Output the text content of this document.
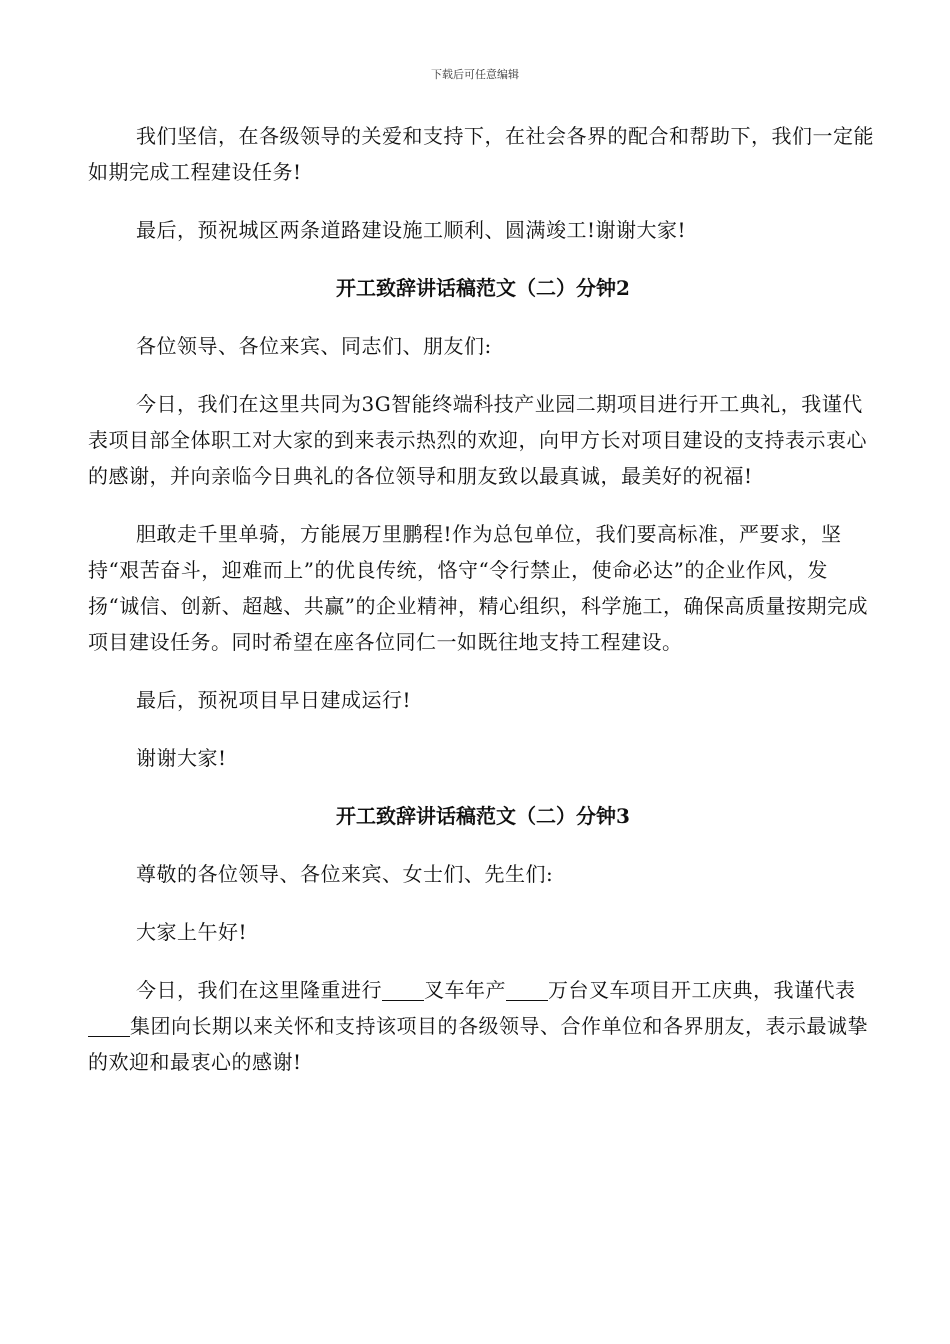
下载后可任意编辑

我们坚信，在各级领导的关爱和支持下，在社会各界的配合和帮助下，我们一定能如期完成工程建设任务!

最后，预祝城区两条道路建设施工顺利、圆满竣工!谢谢大家!

开工致辞讲话稿范文（二）分钟2

各位领导、各位来宾、同志们、朋友们:

今日，我们在这里共同为3G智能终端科技产业园二期项目进行开工典礼，我谨代表项目部全体职工对大家的到来表示热烈的欢迎，向甲方长对项目建设的支持表示衷心的感谢，并向亲临今日典礼的各位领导和朋友致以最真诚，最美好的祝福!

胆敢走千里单骑，方能展万里鹏程!作为总包单位，我们要高标准，严要求，坚持“艰苦奋斗，迎难而上”的优良传统，恪守“令行禁止，使命必达”的企业作风，发扬“诚信、创新、超越、共赢”的企业精神，精心组织，科学施工，确保高质量按期完成项目建设任务。同时希望在座各位同仁一如既往地支持工程建设。

最后，预祝项目早日建成运行!

谢谢大家!

开工致辞讲话稿范文（二）分钟3

尊敬的各位领导、各位来宾、女士们、先生们:

大家上午好!

今日，我们在这里隆重进行 叉车年产 万台叉车项目开工庆典，我谨代表集团向长期以来关怀和支持该项目的各级领导、合作单位和各界朋友，表示最诚挚的欢迎和最衷心的感谢!
